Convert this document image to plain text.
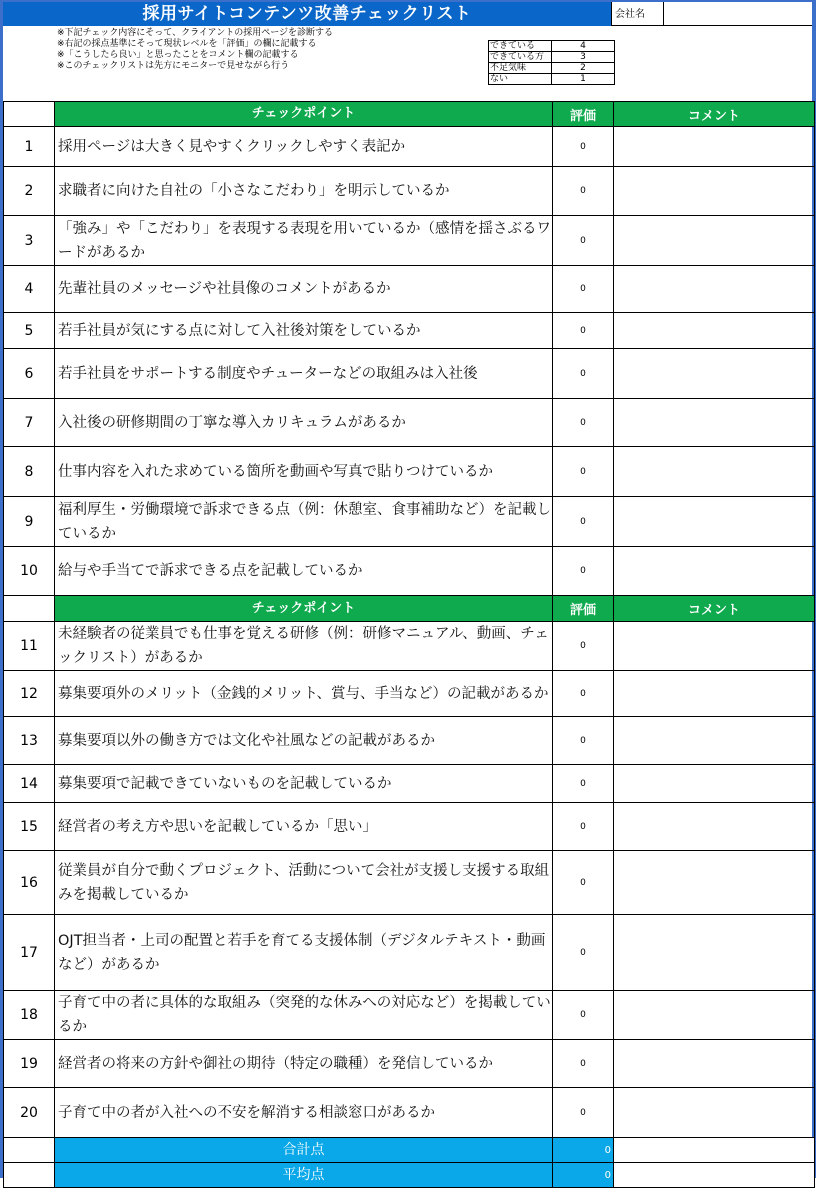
採用サイトコンテンツ改善チェックリスト	会社名
※下記チェック内容にそって、クライアントの採用ページを診断する
※右記の採点基準にそって現状レベルを「評価」の欄に記載する
※「こうしたら良い」と思ったことをコメント欄の記載する
※このチェックリストは先方にモニターで見せながら行う
できている	4
できている方	3
不足気味	2
ない	1
	チェックポイント	評価	コメント
1	採用ページは大きく見やすくクリックしやすく表記か	0	
2	求職者に向けた自社の「小さなこだわり」を明示しているか	0	
3	「強み」や「こだわり」を表現する表現を用いているか（感情を揺さぶるワードがあるか	0	
4	先輩社員のメッセージや社員像のコメントがあるか	0	
5	若手社員が気にする点に対して入社後対策をしているか	0	
6	若手社員をサポートする制度やチューターなどの取組みは入社後	0	
7	入社後の研修期間の丁寧な導入カリキュラムがあるか	0	
8	仕事内容を入れた求めている箇所を動画や写真で貼りつけているか	0	
9	福利厚生・労働環境で訴求できる点（例：休憩室、食事補助など）を記載しているか	0	
10	給与や手当てで訴求できる点を記載しているか	0	
	チェックポイント	評価	コメント
11	未経験者の従業員でも仕事を覚える研修（例：研修マニュアル、動画、チェックリスト）があるか	0	
12	募集要項外のメリット（金銭的メリット、賞与、手当など）の記載があるか	0	
13	募集要項以外の働き方では文化や社風などの記載があるか	0	
14	募集要項で記載できていないものを記載しているか	0	
15	経営者の考え方や思いを記載しているか「思い」	0	
16	従業員が自分で動くプロジェクト、活動について会社が支援し支援する取組みを掲載しているか	0	
17	OJT担当者・上司の配置と若手を育てる支援体制（デジタルテキスト・動画など）があるか	0	
18	子育て中の者に具体的な取組み（突発的な休みへの対応など）を掲載しているか	0	
19	経営者の将来の方針や御社の期待（特定の職種）を発信しているか	0	
20	子育て中の者が入社への不安を解消する相談窓口があるか	0	
	合計点	0	
	平均点	0	
